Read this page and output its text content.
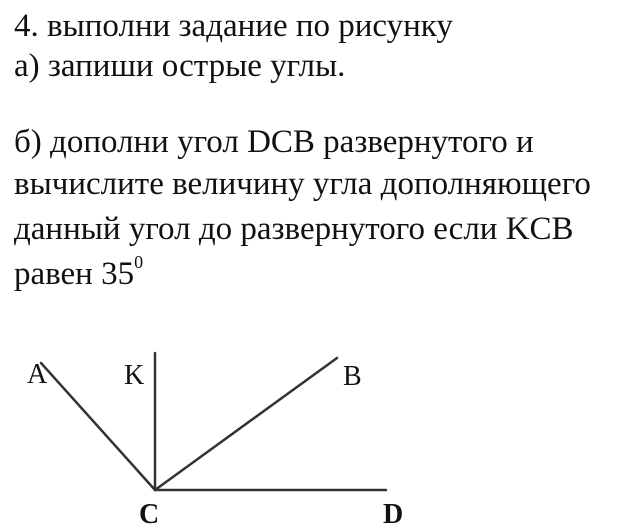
4. выполни задание по рисунку

а) запиши острые углы.

б) дополни угол DCB развернутого и

вычислите величину угла дополняющего

данный угол до развернутого если KCB

равен $35^0$

A	K	B
C	D
